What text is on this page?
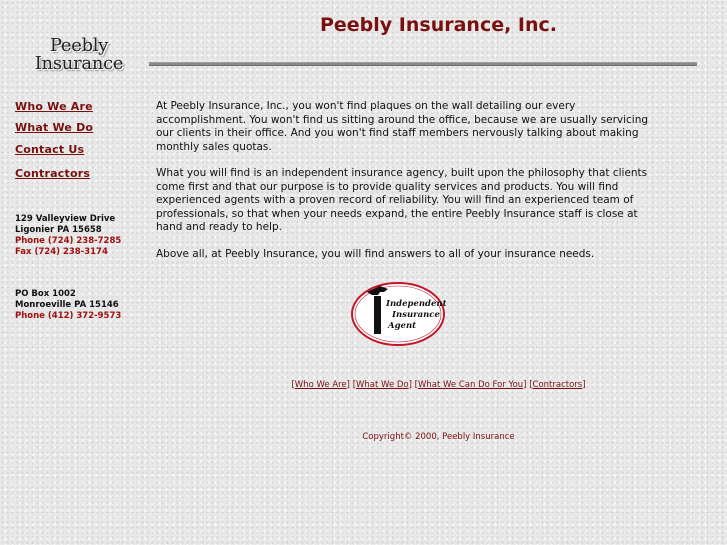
Peebly
Insurance
Peebly Insurance, Inc.
Who We Are
What We Do
Contact Us
Contractors
129 Valleyview Drive
Ligonier PA 15658
Phone (724) 238-7285
Fax (724) 238-3174
PO Box 1002
Monroeville PA 15146
Phone (412) 372-9573

At Peebly Insurance, Inc., you won't find plaques on the wall detailing our every accomplishment. You won't find us sitting around the office, because we are usually servicing our clients in their office. And you won't find staff members nervously talking about making monthly sales quotas.

What you will find is an independent insurance agency, built upon the philosophy that clients come first and that our purpose is to provide quality services and products. You will find experienced agents with a proven record of reliability. You will find an experienced team of professionals, so that when your needs expand, the entire Peebly Insurance staff is close at hand and ready to help.

Above all, at Peebly Insurance, you will find answers to all of your insurance needs.

Independent
Insurance
Agent
[Who We Are] [What We Do] [What We Can Do For You] [Contractors]
Copyright© 2000, Peebly Insurance
